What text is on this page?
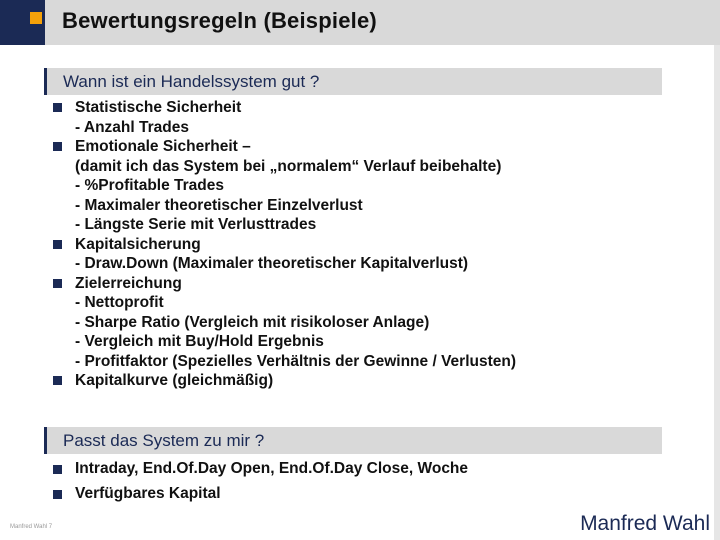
Bewertungsregeln (Beispiele)
Wann ist ein Handelssystem gut ?
Statistische Sicherheit
- Anzahl Trades
Emotionale Sicherheit –
(damit ich das System bei „normalem“ Verlauf beibehalte)
- %Profitable Trades
- Maximaler theoretischer Einzelverlust
- Längste Serie mit Verlusttrades
Kapitalsicherung
- Draw.Down (Maximaler theoretischer Kapitalverlust)
Zielerreichung
- Nettoprofit
- Sharpe Ratio (Vergleich mit risikoloser Anlage)
- Vergleich mit Buy/Hold Ergebnis
- Profitfaktor (Spezielles Verhältnis der Gewinne / Verlusten)
Kapitalkurve (gleichmäßig)
Passt das System zu mir ?
Intraday, End.Of.Day Open, End.Of.Day Close, Woche
Verfügbares Kapital
Manfred Wahl 7	Manfred Wahl
